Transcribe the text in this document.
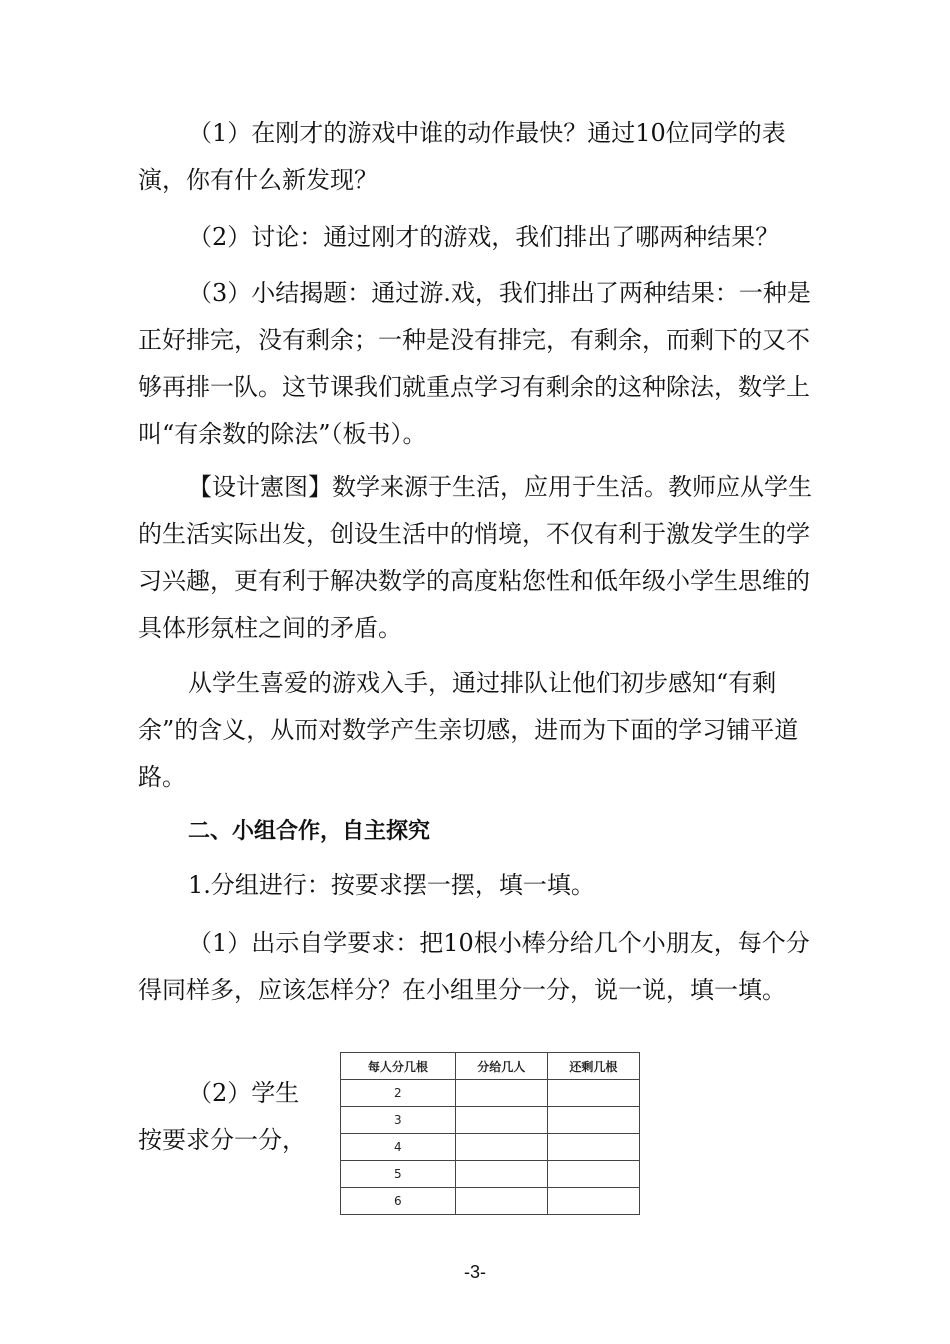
（1）在刚才的游戏中谁的动作最快？通过10位同学的表演，你有什么新发现？

（2）讨论：通过刚才的游戏，我们排出了哪两种结果？

（3）小结揭题：通过游.戏，我们排出了两种结果：一种是正好排完，没有剩余；一种是没有排完，有剩余，而剩下的又不够再排一队。这节课我们就重点学习有剩余的这种除法，数学上叫“有余数的除法”（板书）。

【设计憲图】数学来源于生活，应用于生活。教师应从学生的生活实际出发，创设生活中的悄境，不仅有利于激发学生的学习兴趣，更有利于解决数学的高度粘您性和低年级小学生思维的具体形氛柱之间的矛盾。

从学生喜爱的游戏入手，通过排队让他们初步感知“有剩余”的含义，从而对数学产生亲切感，进而为下面的学习铺平道路。

二、小组合作，自主探究

1.分组进行：按要求摆一摆，填一填。

（1）出示自学要求：把10根小棒分给几个小朋友，每个分得同样多，应该怎样分？在小组里分一分，说一说，填一填。

（2）学生
按要求分一分，
每人分几根	分给几人	还剩几根
2		
3		
4		
5		
6		
-3-
